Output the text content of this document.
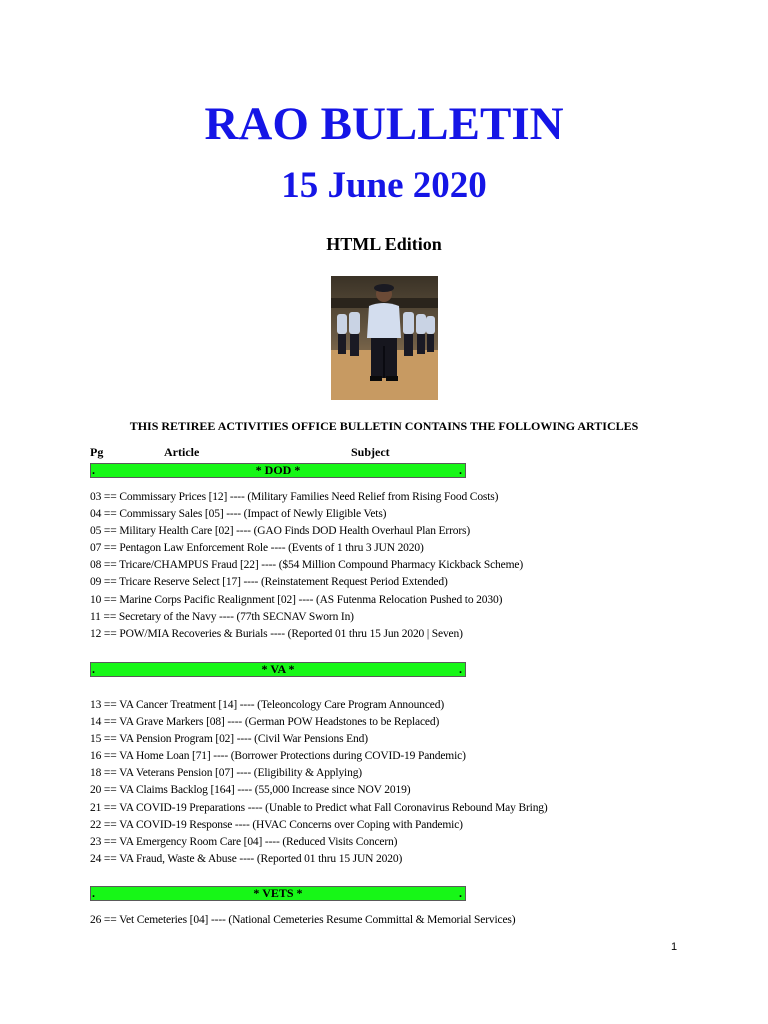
RAO BULLETIN
15 June 2020
HTML Edition
THIS RETIREE ACTIVITIES OFFICE BULLETIN CONTAINS THE FOLLOWING ARTICLES
Pg	Article	Subject
.	* DOD *	.
03 == Commissary Prices [12] ---- (Military Families Need Relief from Rising Food Costs)
04 == Commissary Sales [05] ---- (Impact of Newly Eligible Vets)
05 == Military Health Care [02] ---- (GAO Finds DOD Health Overhaul Plan Errors)
07 == Pentagon Law Enforcement Role ---- (Events of 1 thru 3 JUN 2020)
08 == Tricare/CHAMPUS Fraud [22] ---- ($54 Million Compound Pharmacy Kickback Scheme)
09 == Tricare Reserve Select [17] ---- (Reinstatement Request Period Extended)
10 == Marine Corps Pacific Realignment [02] ---- (AS Futenma Relocation Pushed to 2030)
11 == Secretary of the Navy ---- (77th SECNAV Sworn In)
12 == POW/MIA Recoveries & Burials ---- (Reported 01 thru 15 Jun 2020 | Seven)
.	* VA *	.
13 == VA Cancer Treatment [14] ---- (Teleoncology Care Program Announced)
14 == VA Grave Markers [08] ---- (German POW Headstones to be Replaced)
15 == VA Pension Program [02] ---- (Civil War Pensions End)
16 == VA Home Loan [71] ---- (Borrower Protections during COVID-19 Pandemic)
18 == VA Veterans Pension [07] ---- (Eligibility & Applying)
20 == VA Claims Backlog [164] ---- (55,000 Increase since NOV 2019)
21 == VA COVID-19 Preparations ---- (Unable to Predict what Fall Coronavirus Rebound May Bring)
22 == VA COVID-19 Response ---- (HVAC Concerns over Coping with Pandemic)
23 == VA Emergency Room Care [04] ---- (Reduced Visits Concern)
24 == VA Fraud, Waste & Abuse ---- (Reported 01 thru 15 JUN 2020)
.	* VETS *	.
26 == Vet Cemeteries [04] ---- (National Cemeteries Resume Committal & Memorial Services)
1
